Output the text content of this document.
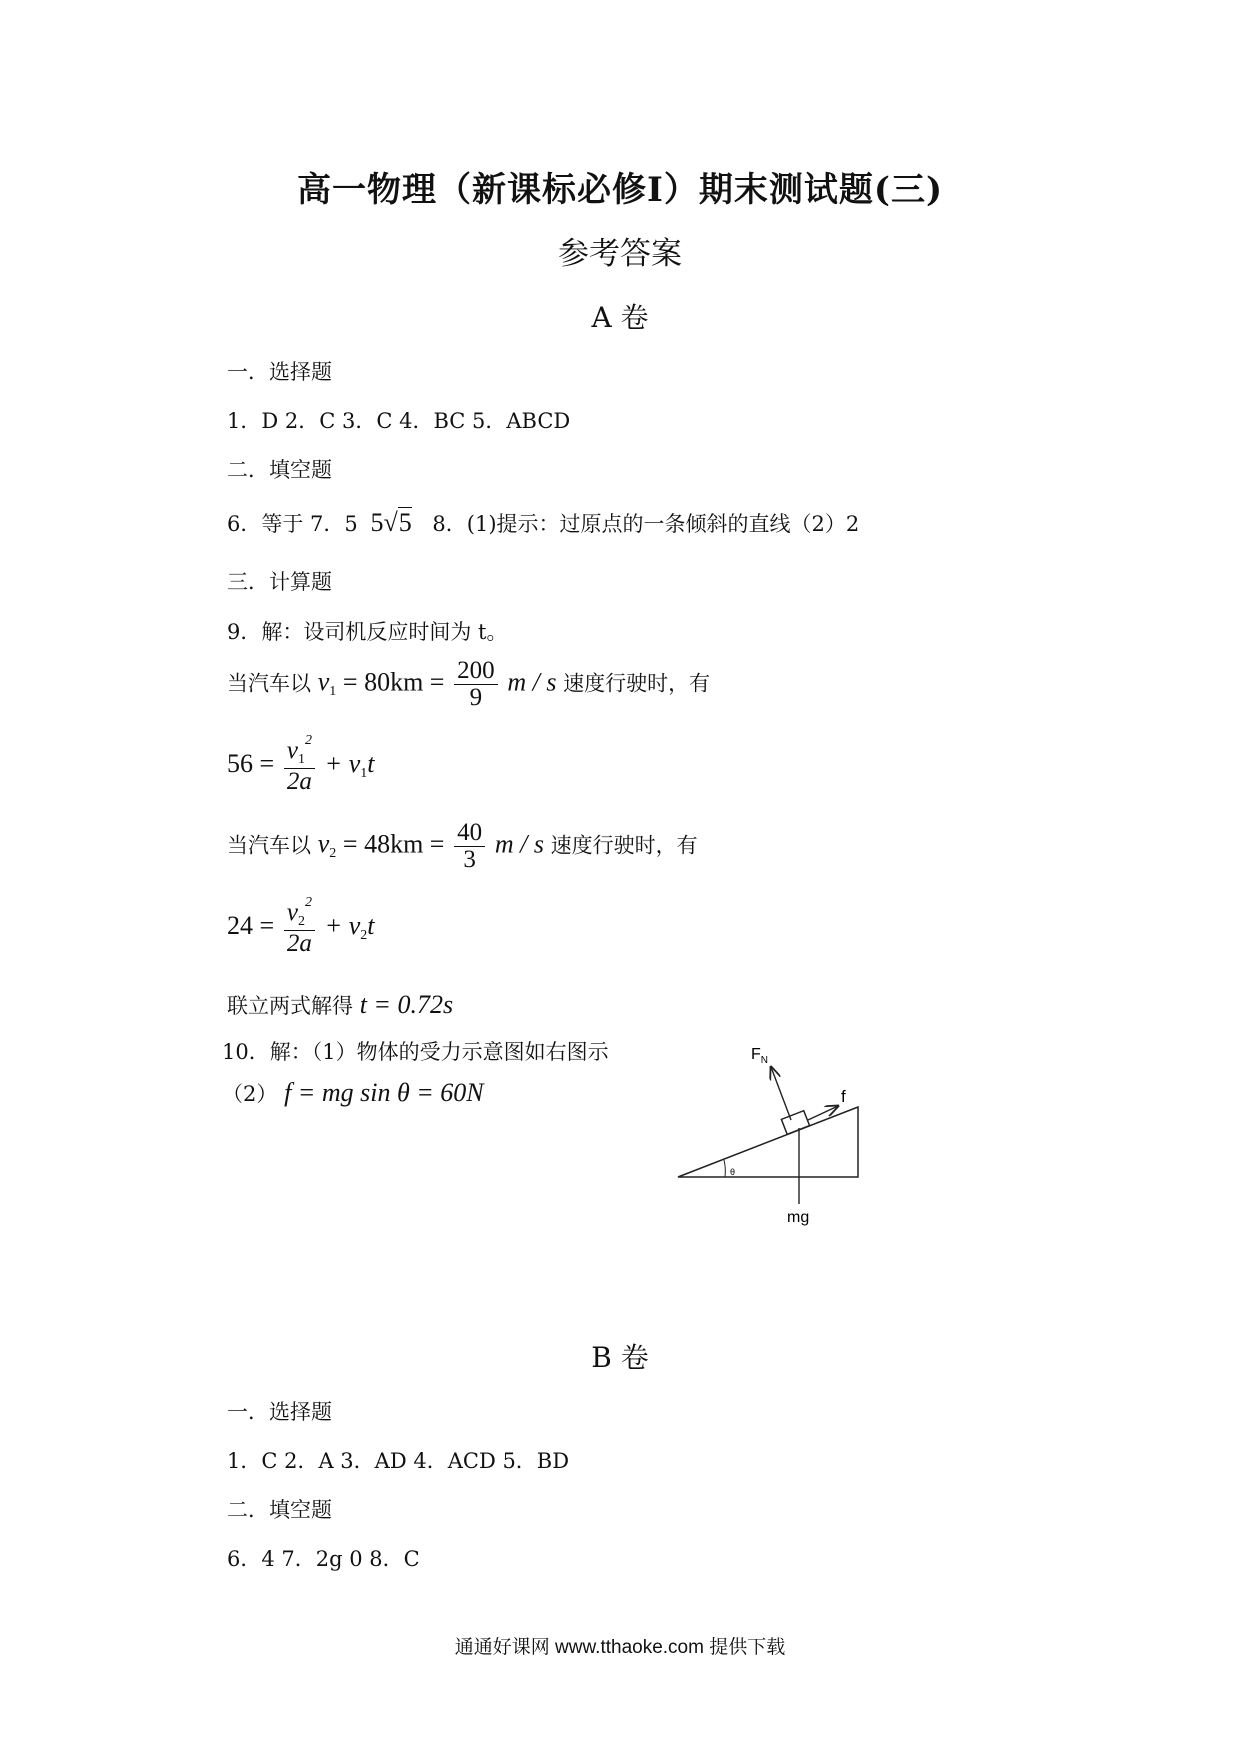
高一物理（新课标必修Ⅰ）期末测试题(三)
参考答案
A 卷
一．选择题
1．D 2．C 3．C 4．BC 5．ABCD
二．填空题
6．等于 7．5 5√5 8．(1)提示：过原点的一条倾斜的直线（2）2
三．计算题
9．解：设司机反应时间为 t。
当汽车以 $v_1 = 80km = \frac{200}{9}$ m / s 速度行驶时，有
$56 = \frac{v_1^2}{2a} + v_1t$
当汽车以 $v_2 = 48km = \frac{40}{3}$ m / s 速度行驶时，有
$24 = \frac{v_2^2}{2a} + v_2t$
联立两式解得 t = 0.72s
10．解：（1）物体的受力示意图如右图示
（2） f = mg sin θ = 60N
$F_N$
f
mg
θ
B 卷
一．选择题
1．C 2．A 3．AD 4．ACD 5．BD
二．填空题
6．4 7．2g 0 8．C
通通好课网 www.tthaoke.com 提供下载
